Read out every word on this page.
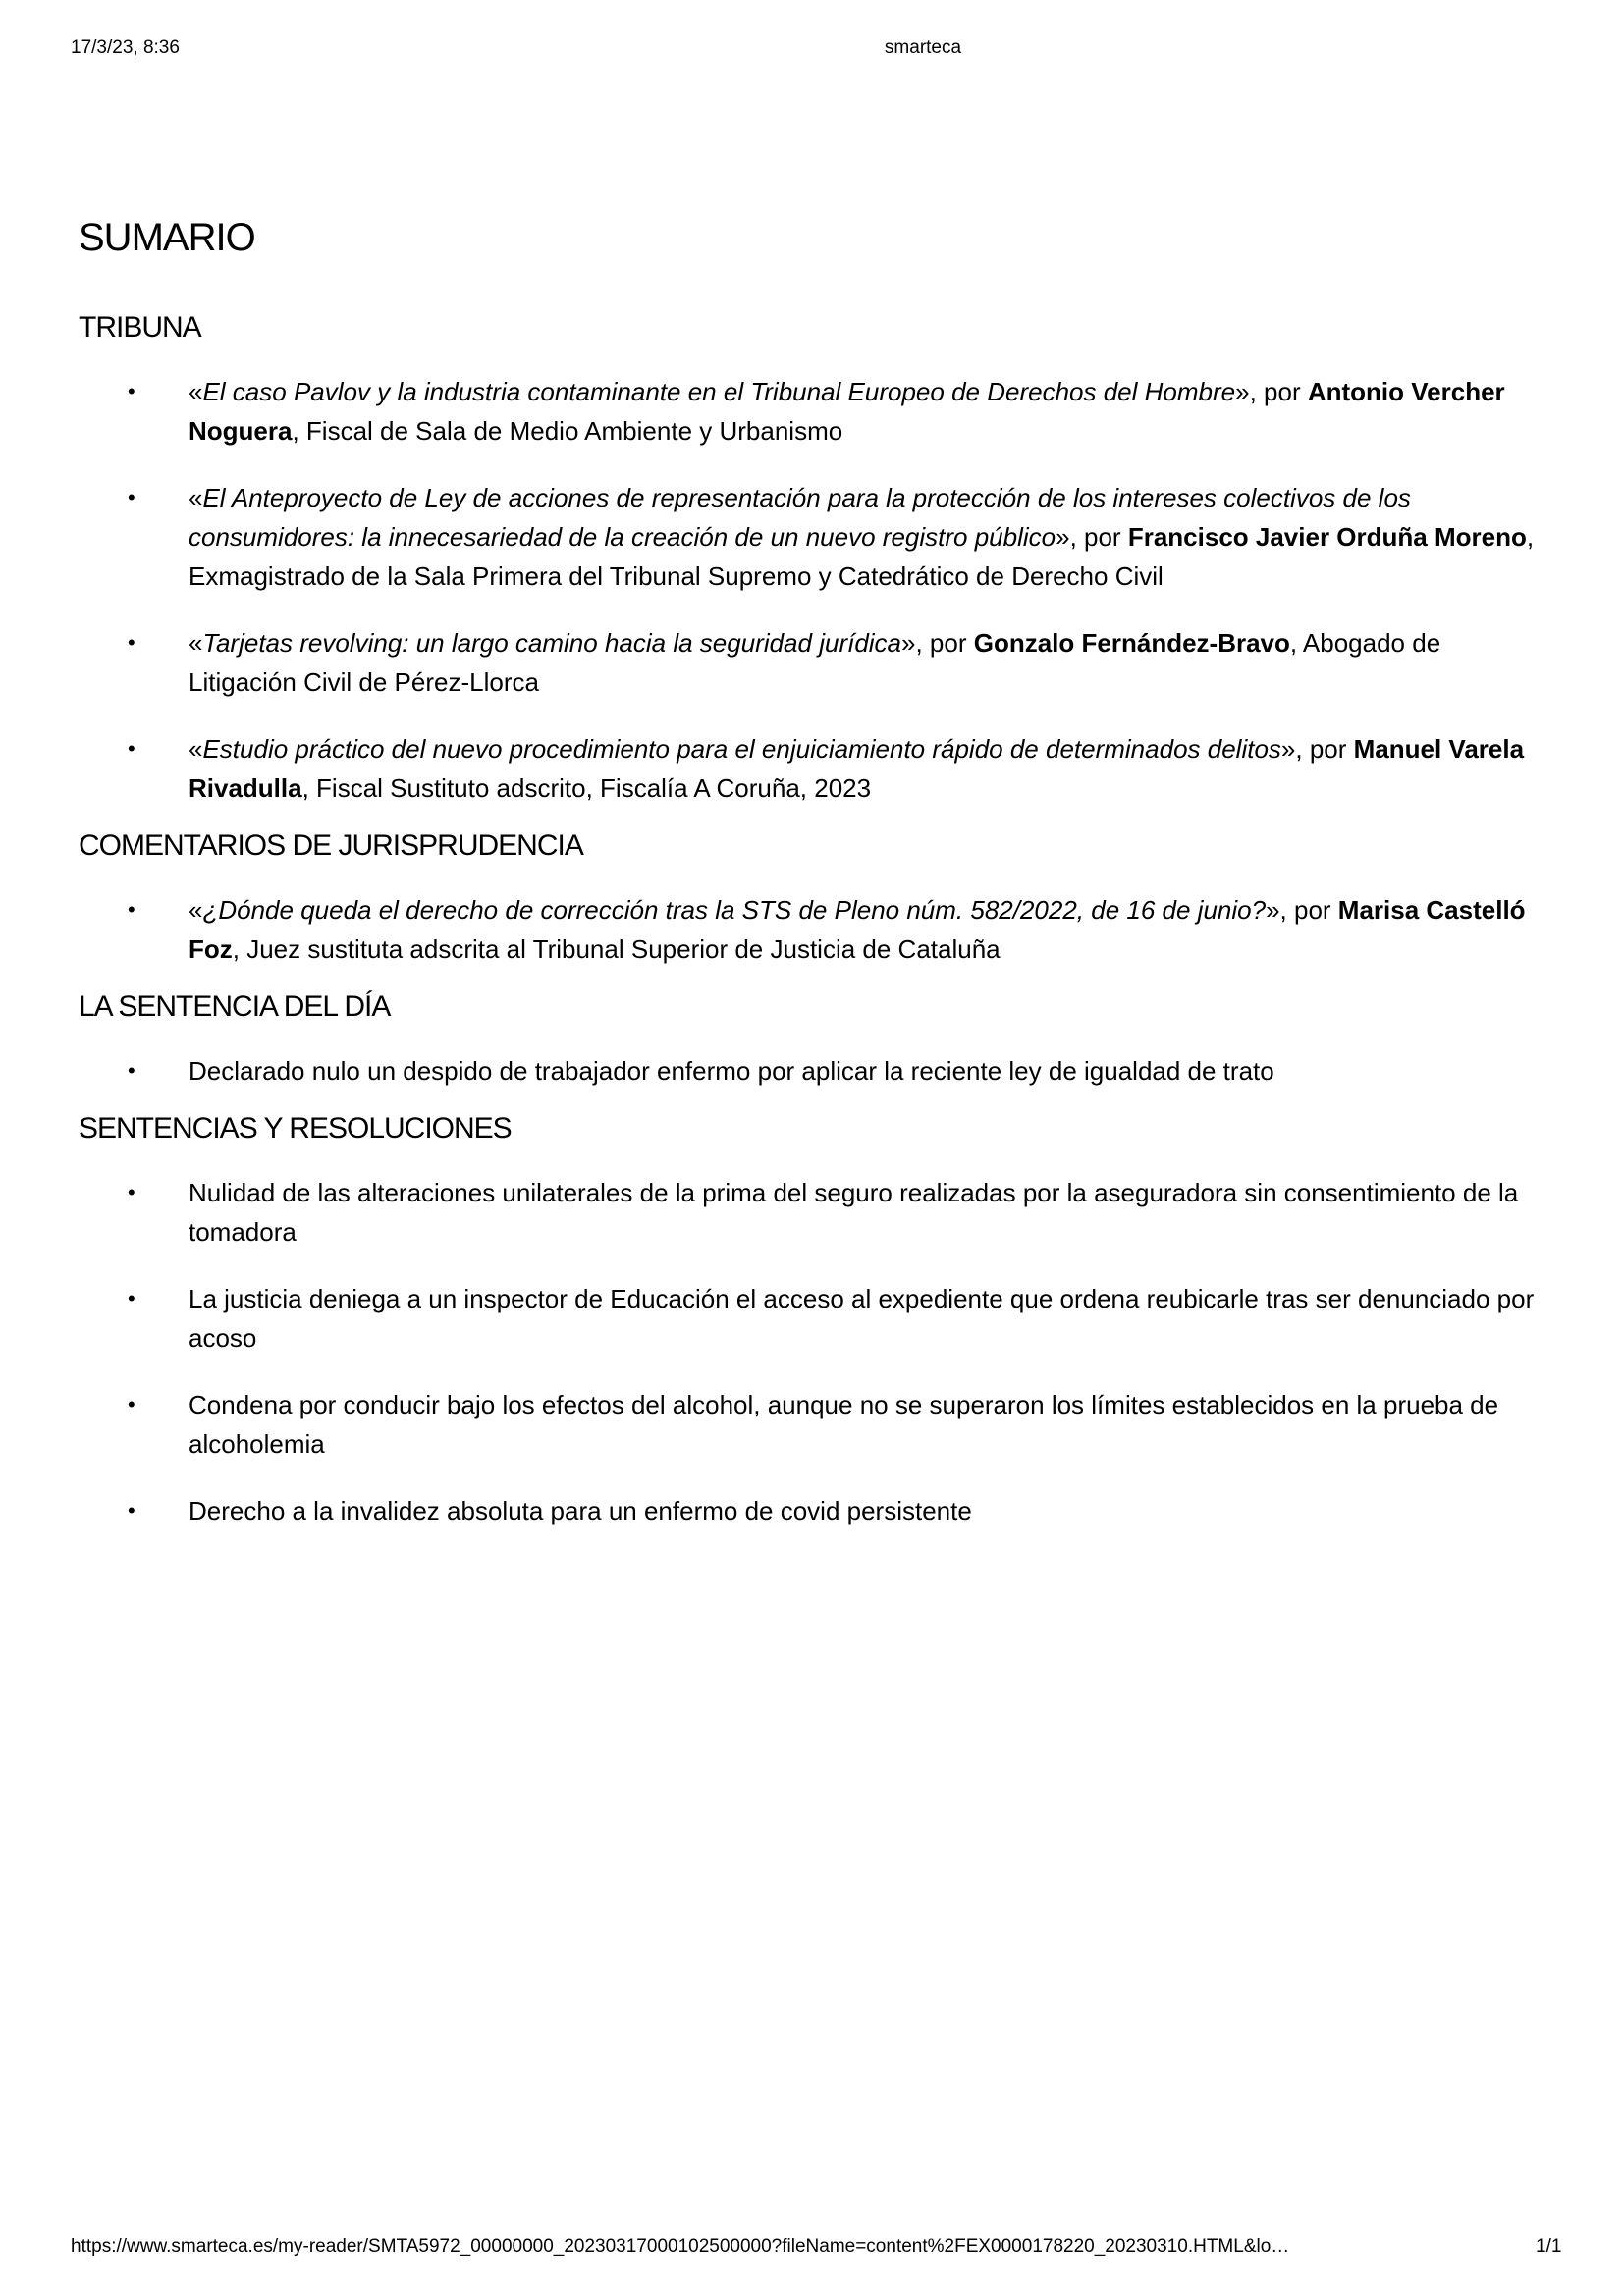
17/3/23, 8:36	smarteca
SUMARIO
TRIBUNA
• «El caso Pavlov y la industria contaminante en el Tribunal Europeo de Derechos del Hombre», por Antonio Vercher Noguera, Fiscal de Sala de Medio Ambiente y Urbanismo
• «El Anteproyecto de Ley de acciones de representación para la protección de los intereses colectivos de los consumidores: la innecesariedad de la creación de un nuevo registro público», por Francisco Javier Orduña Moreno, Exmagistrado de la Sala Primera del Tribunal Supremo y Catedrático de Derecho Civil
• «Tarjetas revolving: un largo camino hacia la seguridad jurídica», por Gonzalo Fernández-Bravo, Abogado de Litigación Civil de Pérez-Llorca
• «Estudio práctico del nuevo procedimiento para el enjuiciamiento rápido de determinados delitos», por Manuel Varela Rivadulla, Fiscal Sustituto adscrito, Fiscalía A Coruña, 2023
COMENTARIOS DE JURISPRUDENCIA
• «¿Dónde queda el derecho de corrección tras la STS de Pleno núm. 582/2022, de 16 de junio?», por Marisa Castelló Foz, Juez sustituta adscrita al Tribunal Superior de Justicia de Cataluña
LA SENTENCIA DEL DÍA
• Declarado nulo un despido de trabajador enfermo por aplicar la reciente ley de igualdad de trato
SENTENCIAS Y RESOLUCIONES
• Nulidad de las alteraciones unilaterales de la prima del seguro realizadas por la aseguradora sin consentimiento de la tomadora
• La justicia deniega a un inspector de Educación el acceso al expediente que ordena reubicarle tras ser denunciado por acoso
• Condena por conducir bajo los efectos del alcohol, aunque no se superaron los límites establecidos en la prueba de alcoholemia
• Derecho a la invalidez absoluta para un enfermo de covid persistente
https://www.smarteca.es/my-reader/SMTA5972_00000000_20230317000102500000?fileName=content%2FEX0000178220_20230310.HTML&lo…	1/1
